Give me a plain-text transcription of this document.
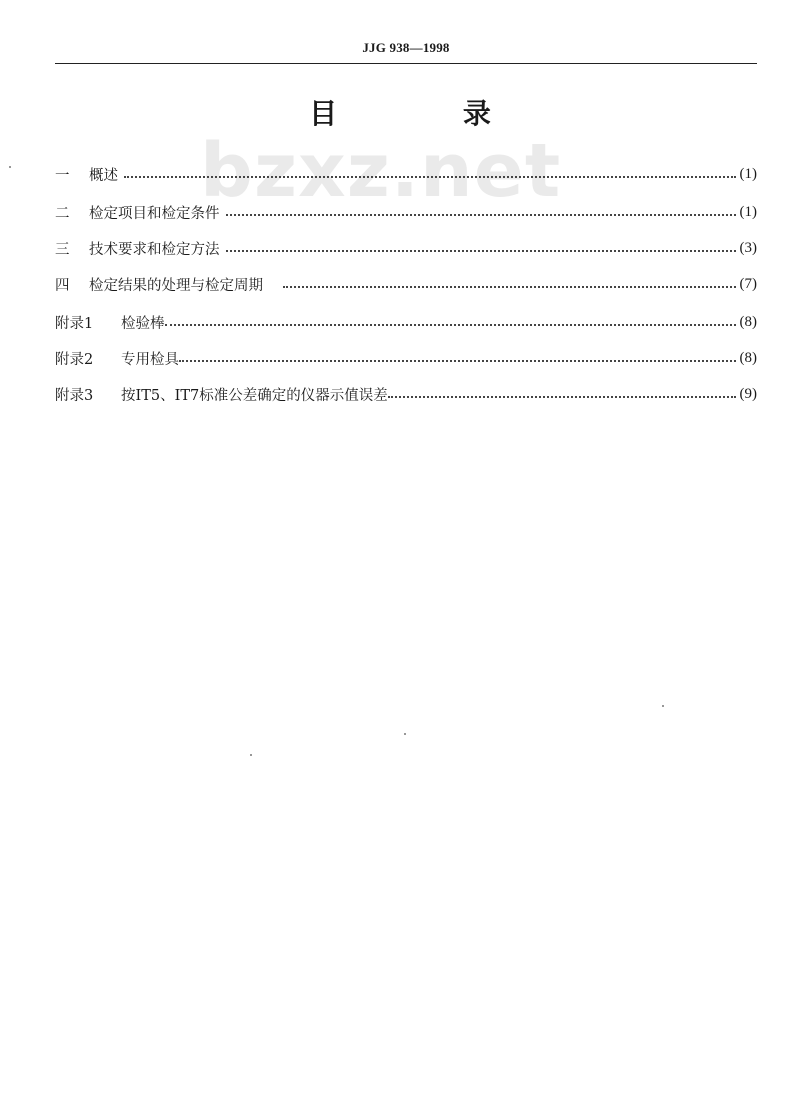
JJG 938—1998
目 录
bzxz.net
一	概述	(1)
二	检定项目和检定条件	(1)
三	技术要求和检定方法	(3)
四	检定结果的处理与检定周期	(7)
附录1	检验棒	(8)
附录2	专用检具	(8)
附录3	按IT5、IT7标准公差确定的仪器示值误差	(9)
